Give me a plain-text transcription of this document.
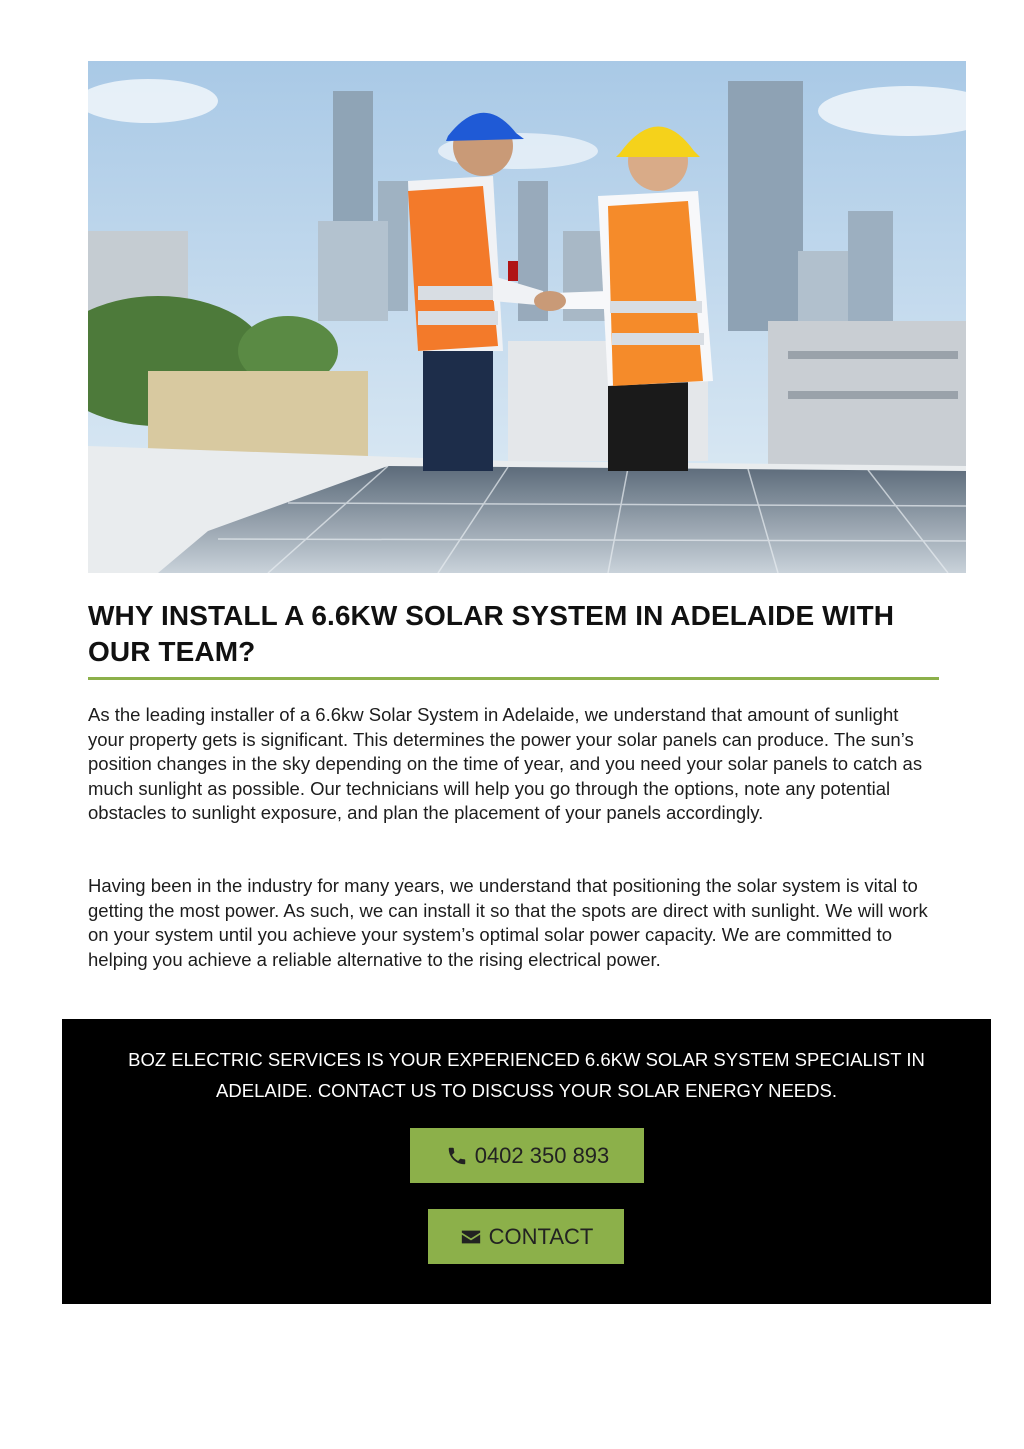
WHY INSTALL A 6.6KW SOLAR SYSTEM IN ADELAIDE WITH OUR TEAM?

As the leading installer of a 6.6kw Solar System in Adelaide, we understand that amount of sunlight your property gets is significant. This determines the power your solar panels can produce. The sun’s position changes in the sky depending on the time of year, and you need your solar panels to catch as much sunlight as possible. Our technicians will help you go through the options, note any potential obstacles to sunlight exposure, and plan the placement of your panels accordingly.

Having been in the industry for many years, we understand that positioning the solar system is vital to getting the most power. As such, we can install it so that the spots are direct with sunlight. We will work on your system until you achieve your system’s optimal solar power capacity. We are committed to helping you achieve a reliable alternative to the rising electrical power.

BOZ ELECTRIC SERVICES IS YOUR EXPERIENCED 6.6KW SOLAR SYSTEM SPECIALIST IN ADELAIDE. CONTACT US TO DISCUSS YOUR SOLAR ENERGY NEEDS.

0402 350 893
CONTACT
